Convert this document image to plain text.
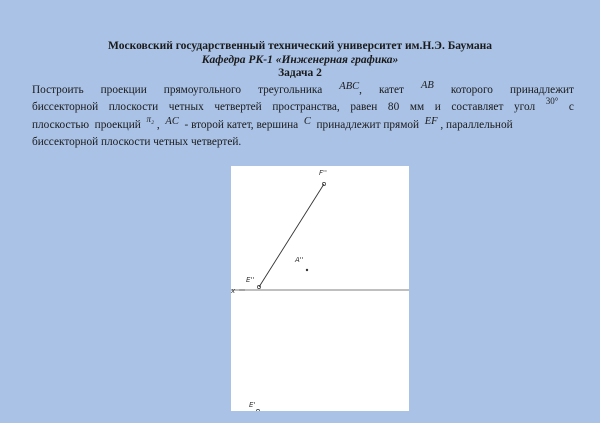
Московский государственный технический университет им.Н.Э. Баумана
Кафедра РК-1 «Инженерная графика»
Задача 2
Построить проекции прямоугольного треугольника ABC, катет AB которого принадлежит
биссекторной плоскости четных четвертей пространства, равен 80 мм и составляет угол 30° с
плоскостью проекций $^{\pi_2}$ , AC - второй катет, вершина C принадлежит прямой EF , параллельной
биссекторной плоскости четных четвертей.
F''
A''
E''
x
E'
